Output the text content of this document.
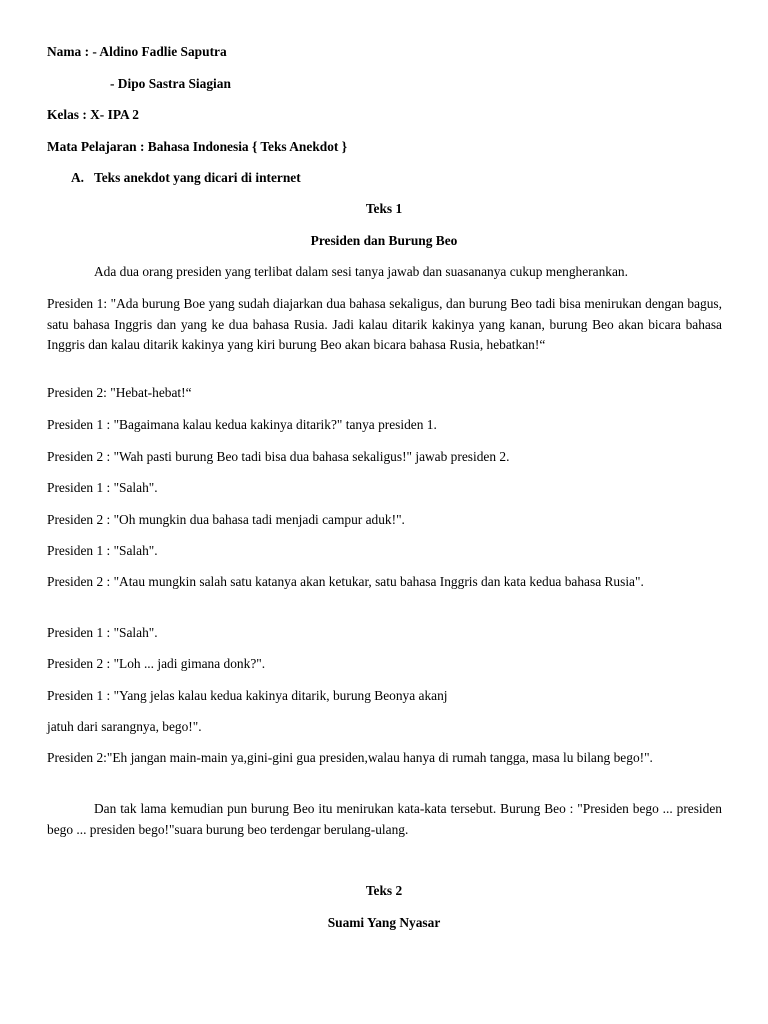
Nama : - Aldino Fadlie Saputra
- Dipo Sastra Siagian
Kelas : X- IPA 2
Mata Pelajaran : Bahasa Indonesia { Teks Anekdot }
A. Teks anekdot yang dicari di internet
Teks 1
Presiden dan Burung Beo
Ada dua orang presiden yang terlibat dalam sesi tanya jawab dan suasananya cukup mengherankan.
Presiden 1: "Ada burung Boe yang sudah diajarkan dua bahasa sekaligus, dan burung Beo tadi bisa menirukan dengan bagus, satu bahasa Inggris dan yang ke dua bahasa Rusia. Jadi kalau ditarik kakinya yang kanan, burung Beo akan bicara bahasa Inggris dan kalau ditarik kakinya yang kiri burung Beo akan bicara bahasa Rusia, hebatkan!“
Presiden 2: "Hebat-hebat!“
Presiden 1 : "Bagaimana kalau kedua kakinya ditarik?" tanya presiden 1.
Presiden 2 : "Wah pasti burung Beo tadi bisa dua bahasa sekaligus!" jawab presiden 2.
Presiden 1 : "Salah".
Presiden 2 : "Oh mungkin dua bahasa tadi menjadi campur aduk!".
Presiden 1 : "Salah".
Presiden 2 : "Atau mungkin salah satu katanya akan ketukar, satu bahasa Inggris dan kata kedua bahasa Rusia".
Presiden 1 : "Salah".
Presiden 2 : "Loh ... jadi gimana donk?".
Presiden 1 : "Yang jelas kalau kedua kakinya ditarik, burung Beonya akanj
jatuh dari sarangnya, bego!".
Presiden 2:"Eh jangan main-main ya,gini-gini gua presiden,walau hanya di rumah tangga, masa lu bilang bego!".
Dan tak lama kemudian pun burung Beo itu menirukan kata-kata tersebut. Burung Beo : "Presiden bego ... presiden bego ... presiden bego!"suara burung beo terdengar berulang-ulang.
Teks 2
Suami Yang Nyasar
